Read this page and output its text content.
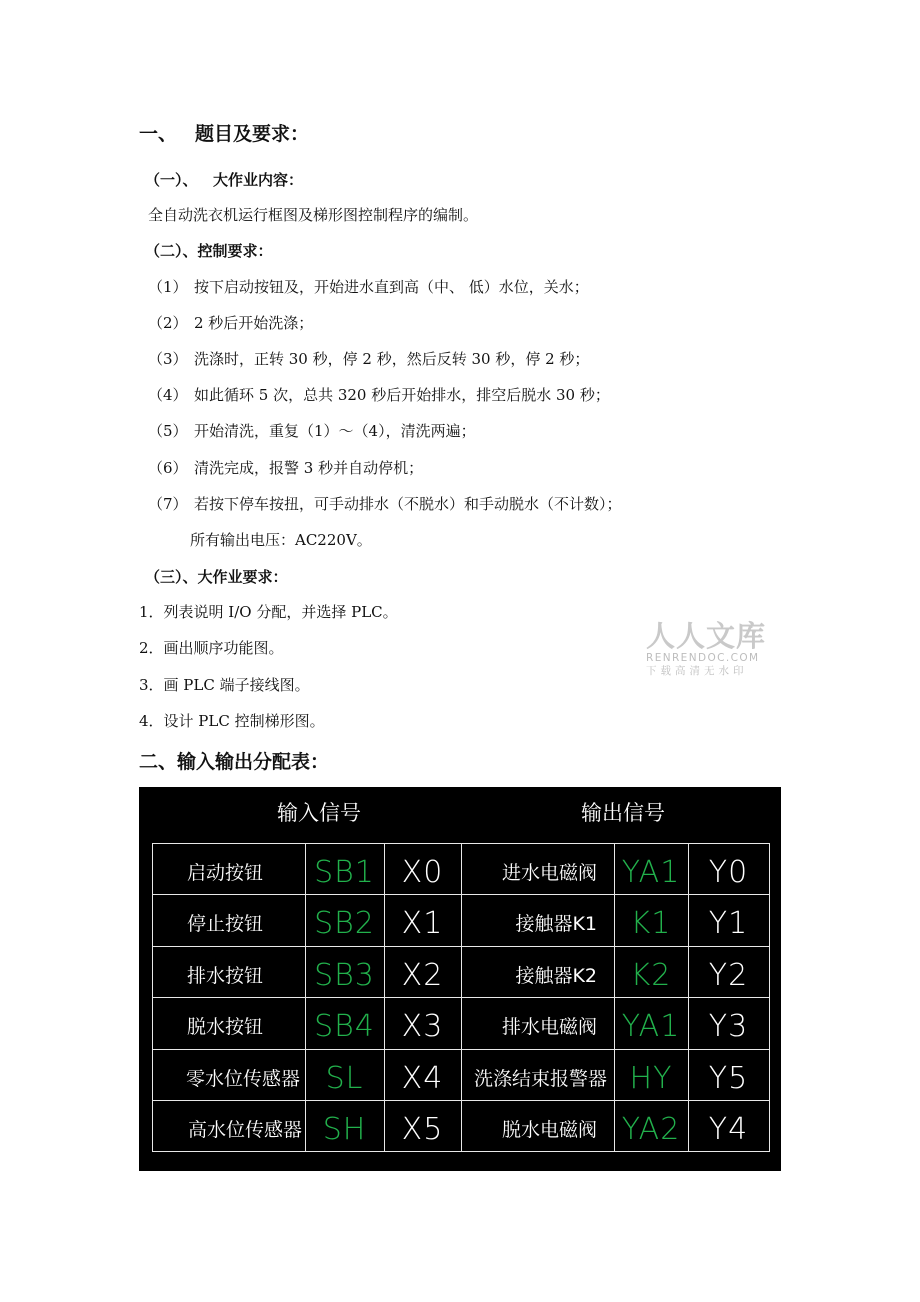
一、 题目及要求：
（一）、 大作业内容：
全自动洗衣机运行框图及梯形图控制程序的编制。
（二）、控制要求：
（1） 按下启动按钮及，开始进水直到高（中、 低）水位，关水；
（2） 2 秒后开始洗涤；
（3） 洗涤时，正转 30 秒，停 2 秒，然后反转 30 秒，停 2 秒；
（4） 如此循环 5 次，总共 320 秒后开始排水，排空后脱水 30 秒；
（5） 开始清洗，重复（1）～（4），清洗两遍；
（6） 清洗完成，报警 3 秒并自动停机；
（7） 若按下停车按扭，可手动排水（不脱水）和手动脱水（不计数）；
所有输出电压：AC220V。
（三）、大作业要求：
1．列表说明 I/O 分配，并选择 PLC。
2．画出顺序功能图。
3．画 PLC 端子接线图。
4．设计 PLC 控制梯形图。
人人文库
RENRENDOC.COM
下载高清无水印
二、输入输出分配表：
输入信号	输出信号
启动按钮	SB1 X0	进水电磁阀 YA1 Y0
停止按钮	SB2 X1	接触器K1	K1	Y1
排水按钮	SB3 X2	接触器K2	K2	Y2
脱水按钮	SB4 X3	排水电磁阀 YA1 Y3
零水位传感器 SL	X4	洗涤结束报警器 HY	Y5
高水位传感器 SH	X5	脱水电磁阀 YA2 Y4
